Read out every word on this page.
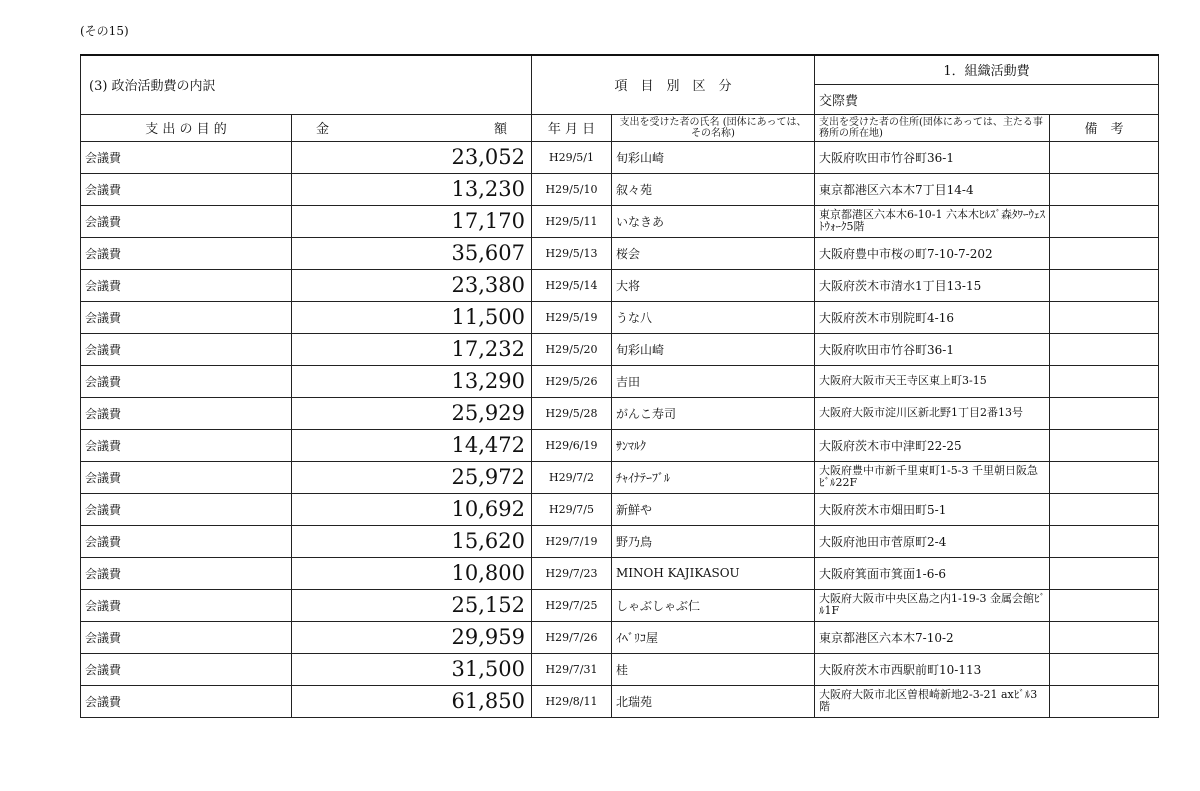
(その15)
(3) 政治活動費の内訳		項　目　別　区　分		1．組織活動費	
				交際費	
支 出 の 目 的	金 額	年 月 日	支出を受けた者の氏名 (団体にあっては、その名称)	支出を受けた者の住所(団体にあっては、主たる事務所の所在地)	備　考
会議費	23,052	H29/5/1	旬彩山崎	大阪府吹田市竹谷町36-1	
会議費	13,230	H29/5/10	叙々苑	東京都港区六本木7丁目14-4	
会議費	17,170	H29/5/11	いなきあ	東京都港区六本木6-10-1 六本木ﾋﾙｽﾞ森ﾀﾜｰｳｪｽﾄｳｫｰｸ5階	
会議費	35,607	H29/5/13	桜会	大阪府豊中市桜の町7-10-7-202	
会議費	23,380	H29/5/14	大将	大阪府茨木市清水1丁目13-15	
会議費	11,500	H29/5/19	うな八	大阪府茨木市別院町4-16	
会議費	17,232	H29/5/20	旬彩山崎	大阪府吹田市竹谷町36-1	
会議費	13,290	H29/5/26	吉田	大阪府大阪市天王寺区東上町3-15	
会議費	25,929	H29/5/28	がんこ寿司	大阪府大阪市淀川区新北野1丁目2番13号	
会議費	14,472	H29/6/19	ｻﾝﾏﾙｸ	大阪府茨木市中津町22-25	
会議費	25,972	H29/7/2	ﾁｬｲﾅﾃｰﾌﾞﾙ	大阪府豊中市新千里東町1-5-3 千里朝日阪急ﾋﾞﾙ22F	
会議費	10,692	H29/7/5	新鮮や	大阪府茨木市畑田町5-1	
会議費	15,620	H29/7/19	野乃鳥	大阪府池田市菅原町2-4	
会議費	10,800	H29/7/23	MINOH KAJIKASOU	大阪府箕面市箕面1-6-6	
会議費	25,152	H29/7/25	しゃぶしゃぶ仁	大阪府大阪市中央区島之内1-19-3 金属会館ﾋﾞﾙ1F	
会議費	29,959	H29/7/26	ｲﾍﾞﾘｺ屋	東京都港区六本木7-10-2	
会議費	31,500	H29/7/31	桂	大阪府茨木市西駅前町10-113	
会議費	61,850	H29/8/11	北瑞苑	大阪府大阪市北区曽根崎新地2-3-21 axﾋﾞﾙ3階	
